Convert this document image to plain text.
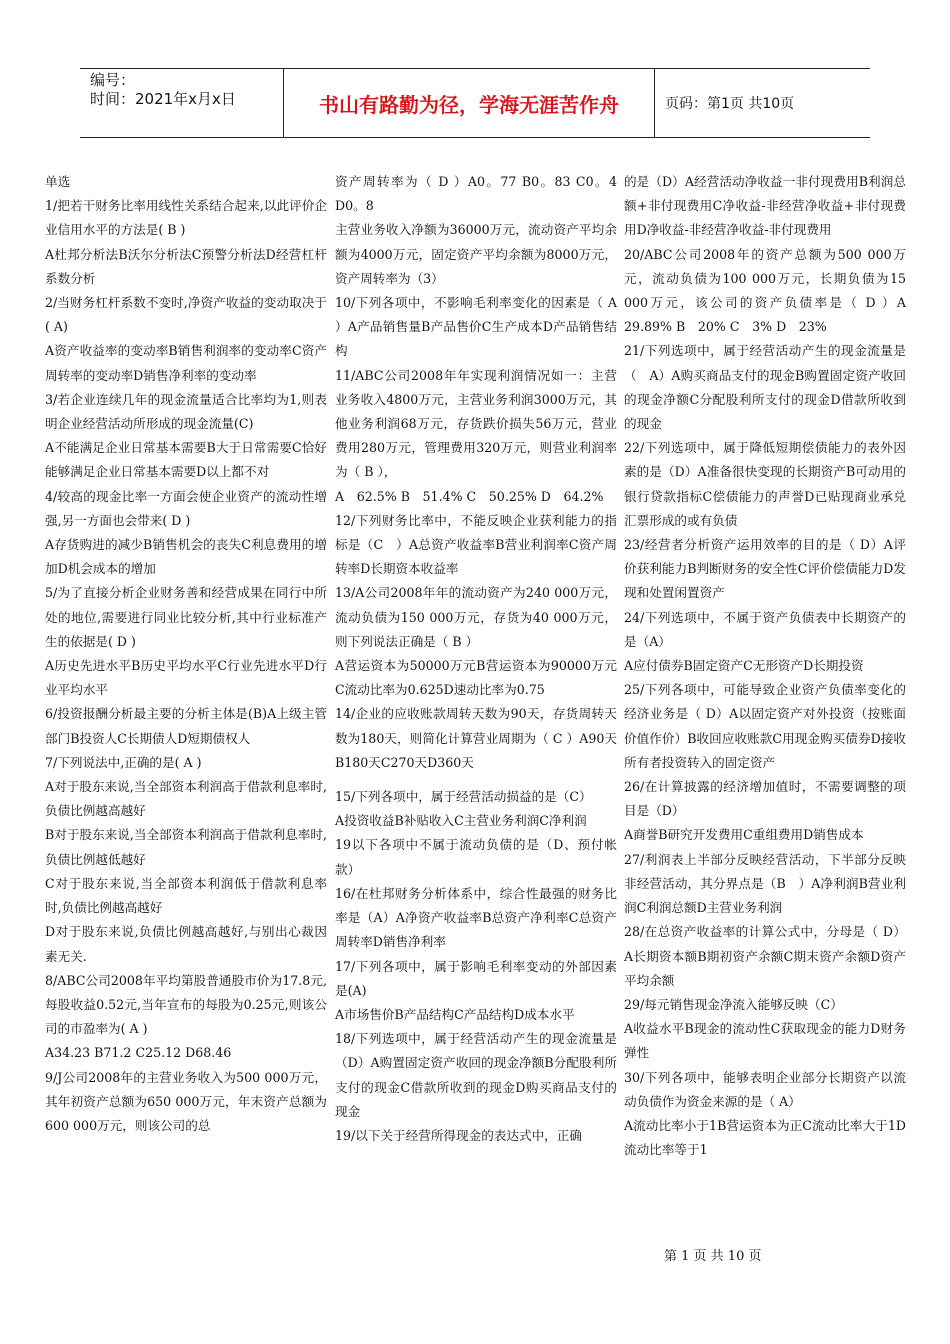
编号：
时间：2021年x月x日	书山有路勤为径，学海无涯苦作舟	页码：第1页 共10页

单选

1/把若干财务比率用线性关系结合起来,以此评价企业信用水平的方法是( B )

A杜邦分析法B沃尔分析法C预警分析法D经营杠杆系数分析

2/当财务杠杆系数不变时,净资产收益的变动取决于( A)

A资产收益率的变动率B销售利润率的变动率C资产周转率的变动率D销售净利率的变动率

3/若企业连续几年的现金流量适合比率均为1,则表明企业经营活动所形成的现金流量(C)

A不能满足企业日常基本需要B大于日常需要C恰好能够满足企业日常基本需要D以上都不对

4/较高的现金比率一方面会使企业资产的流动性增强,另一方面也会带来( D )

A存货购进的减少B销售机会的丧失C利息费用的增加D机会成本的增加

5/为了直接分析企业财务善和经营成果在同行中所处的地位,需要进行同业比较分析,其中行业标准产生的依据是( D )

A历史先进水平B历史平均水平C行业先进水平D行业平均水平

6/投资报酬分析最主要的分析主体是(B)A上级主管部门B投资人C长期债人D短期债权人

7/下列说法中,正确的是( A )

A对于股东来说,当全部资本利润高于借款利息率时,负债比例越高越好

B对于股东来说,当全部资本利润高于借款利息率时,负债比例越低越好

C对于股东来说,当全部资本利润低于借款利息率时,负债比例越高越好

D对于股东来说,负债比例越高越好,与别出心裁因素无关.

8/ABC公司2008年平均第股普通股市价为17.8元,每股收益0.52元,当年宣布的每股为0.25元,则该公司的市盈率为( A )

A34.23 B71.2 C25.12 D68.46

9/J公司2008年的主营业务收入为500 000万元，其年初资产总额为650 000万元，年末资产总额为600 000万元，则该公司的总

资产周转率为（ D ）A0。77 B0。83 C0。4 D0。8

主营业务收入净额为36000万元，流动资产平均余额为4000万元，固定资产平均余额为8000万元，资产周转率为（3）

10/下列各项中，不影响毛利率变化的因素是（ A ）A产品销售量B产品售价C生产成本D产品销售结构

11/ABC公司2008年年实现利润情况如一：主营业务收入4800万元，主营业务利润3000万元，其他业务利润68万元，存货跌价损失56万元，营业费用280万元，管理费用320万元，则营业利润率为（ B ），

A　62.5% B　51.4% C　50.25% D　64.2%

12/下列财务比率中，不能反映企业获利能力的指标是（C　）A总资产收益率B营业利润率C资产周转率D长期资本收益率

13/A公司2008年年的流动资产为240 000万元，流动负债为150 000万元，存货为40 000万元，则下列说法正确是（ B ）

A营运资本为50000万元B营运资本为90000万元C流动比率为0.625D速动比率为0.75

14/企业的应收账款周转天数为90天，存货周转天数为180天，则简化计算营业周期为（ C ）A90天B180天C270天D360天

15/下列各项中，属于经营活动损益的是（C）

A投资收益B补贴收入C主营业务利润C净利润

19以下各项中不属于流动负债的是（D、预付帐款）

16/在杜邦财务分析体系中，综合性最强的财务比率是（A）A净资产收益率B总资产净利率C总资产周转率D销售净利率

17/下列各项中，属于影响毛利率变动的外部因素是(A)

A市场售价B产品结构C产品结构D成本水平

18/下列选项中，属于经营活动产生的现金流量是（D）A购置固定资产收回的现金净额B分配股利所支付的现金C借款所收到的现金D购买商品支付的现金

19/以下关于经营所得现金的表达式中，正确

的是（D）A经营活动净收益一非付现费用B利润总额+非付现费用C净收益-非经营净收益+非付现费用D净收益-非经营净收益-非付现费用

20/ABC公司2008年的资产总额为500 000万元，流动负债为100 000万元，长期负债为15 000万元，该公司的资产负债率是（ D ）A　29.89% B　20% C　3% D　23%

21/下列选项中，属于经营活动产生的现金流量是（　A）A购买商品支付的现金B购置固定资产收回的现金净额C分配股利所支付的现金D借款所收到的现金

22/下列选项中，属于降低短期偿债能力的表外因素的是（D）A准备很快变现的长期资产B可动用的银行贷款指标C偿债能力的声誉D已贴现商业承兑汇票形成的或有负债

23/经营者分析资产运用效率的目的是（ D）A评价获利能力B判断财务的安全性C评价偿债能力D发现和处置闲置资产

24/下列选项中，不属于资产负债表中长期资产的是（A）

A应付债券B固定资产C无形资产D长期投资

25/下列各项中，可能导致企业资产负债率变化的经济业务是（ D）A以固定资产对外投资（按账面价值作价）B收回应收账款C用现金购买债券D接收所有者投资转入的固定资产

26/在计算披露的经济增加值时，不需要调整的项目是（D）

A商誉B研究开发费用C重组费用D销售成本

27/利润表上半部分反映经营活动，下半部分反映非经营活动，其分界点是（B　）A净利润B营业利润C利润总额D主营业务利润

28/在总资产收益率的计算公式中，分母是（ D）A长期资本额B期初资产余额C期末资产余额D资产平均余额

29/每元销售现金净流入能够反映（C）

A收益水平B现金的流动性C获取现金的能力D财务弹性

30/下列各项中，能够表明企业部分长期资产以流动负债作为资金来源的是（ A）

A流动比率小于1B营运资本为正C流动比率大于1D流动比率等于1

第 1 页 共 10 页
